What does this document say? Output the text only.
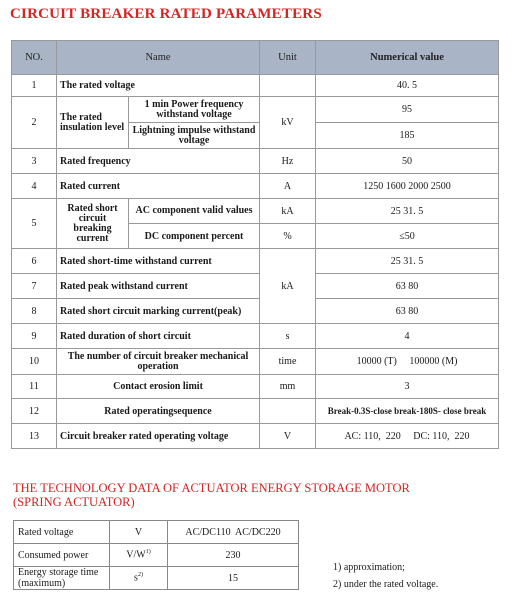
CIRCUIT BREAKER RATED PARAMETERS
NO.	Name		Unit	Numerical value
1	The rated voltage			40. 5
2	The rated insulation level	1 min Power frequency withstand voltage	kV	95
		Lightning impulse withstand voltage		185
3	Rated frequency		Hz	50
4	Rated current		A	1250 1600 2000 2500
5	Rated short circuit breaking current	AC component valid values	kA	25 31. 5
		DC component percent	%	≤50
6	Rated short-time withstand current		kA	25 31. 5
7	Rated peak withstand current			63 80
8	Rated short circuit marking current(peak)			63 80
9	Rated duration of short circuit		s	4
10	The number of circuit breaker mechanical operation		time	10000 (T)     100000 (M)
11	Contact erosion limit		mm	3
12	Rated operatingsequence			Break-0.3S-close break-180S- close break
13	Circuit breaker rated operating voltage		V	AC: 110,  220     DC: 110,  220
THE TECHNOLOGY DATA OF ACTUATOR ENERGY STORAGE MOTOR (SPRING ACTUATOR)
Rated voltage	V	AC/DC110  AC/DC220
Consumed power	$V/W^{1)}$	230
Energy storage time (maximum)	$s^{2)}$	15
1) approximation;
2) under the rated voltage.
